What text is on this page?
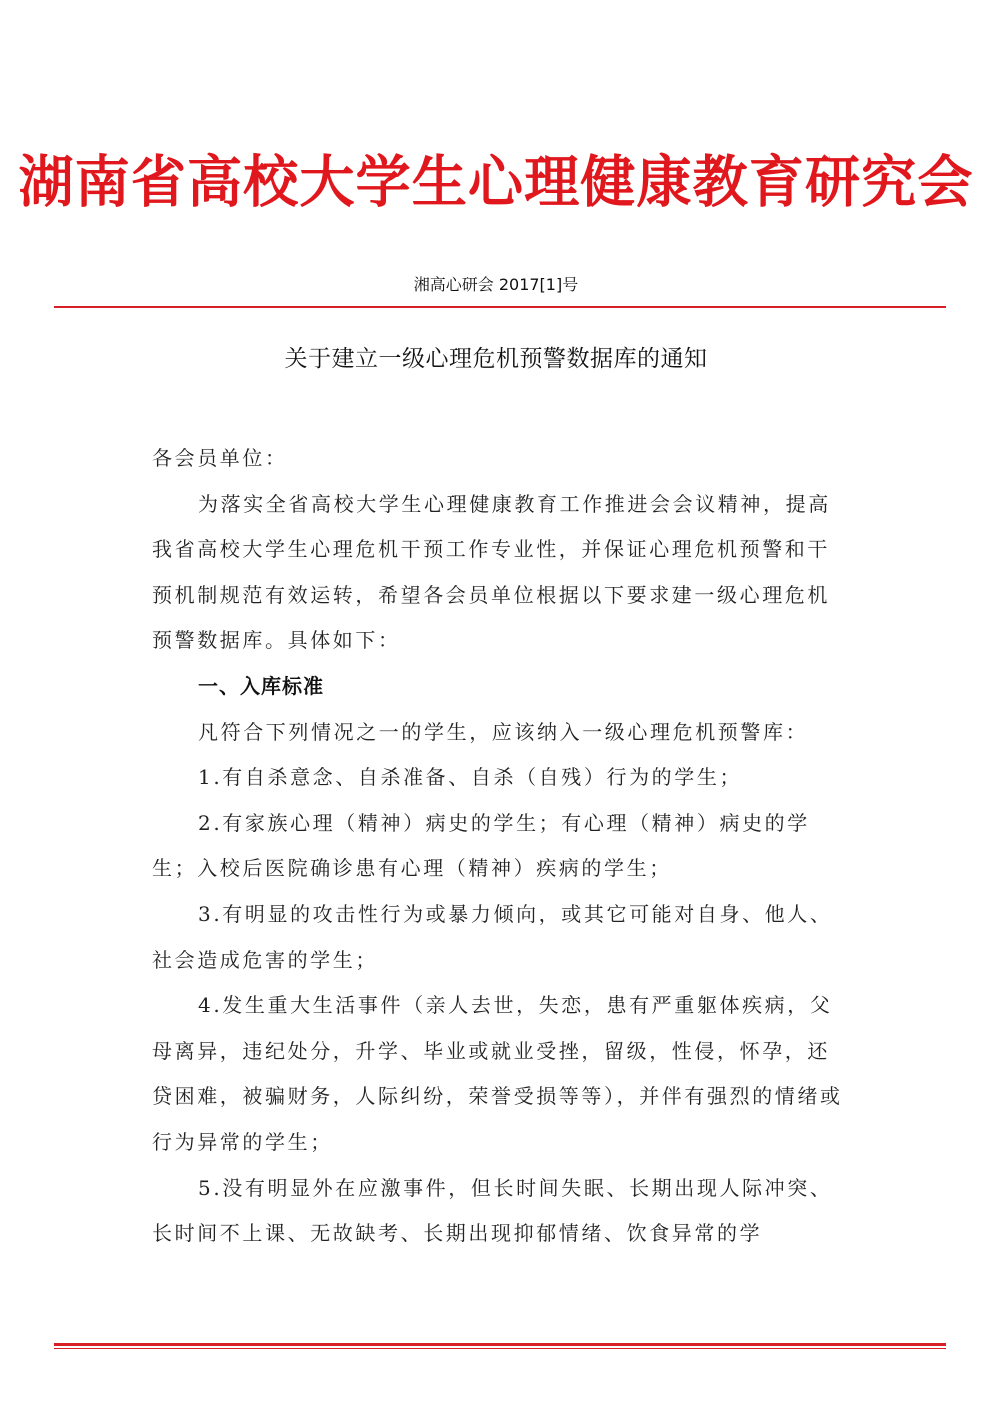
湖南省高校大学生心理健康教育研究会
湘高心研会 2017[1]号
关于建立一级心理危机预警数据库的通知

各会员单位：

为落实全省高校大学生心理健康教育工作推进会会议精神，提高我省高校大学生心理危机干预工作专业性，并保证心理危机预警和干预机制规范有效运转，希望各会员单位根据以下要求建一级心理危机预警数据库。具体如下：

一、入库标准

凡符合下列情况之一的学生，应该纳入一级心理危机预警库：

1.有自杀意念、自杀准备、自杀（自残）行为的学生；

2.有家族心理（精神）病史的学生；有心理（精神）病史的学生；入校后医院确诊患有心理（精神）疾病的学生；

3.有明显的攻击性行为或暴力倾向，或其它可能对自身、他人、社会造成危害的学生；

4.发生重大生活事件（亲人去世，失恋，患有严重躯体疾病，父母离异，违纪处分，升学、毕业或就业受挫，留级，性侵，怀孕，还贷困难，被骗财务，人际纠纷，荣誉受损等等），并伴有强烈的情绪或行为异常的学生；

5.没有明显外在应激事件，但长时间失眠、长期出现人际冲突、长时间不上课、无故缺考、长期出现抑郁情绪、饮食异常的学
